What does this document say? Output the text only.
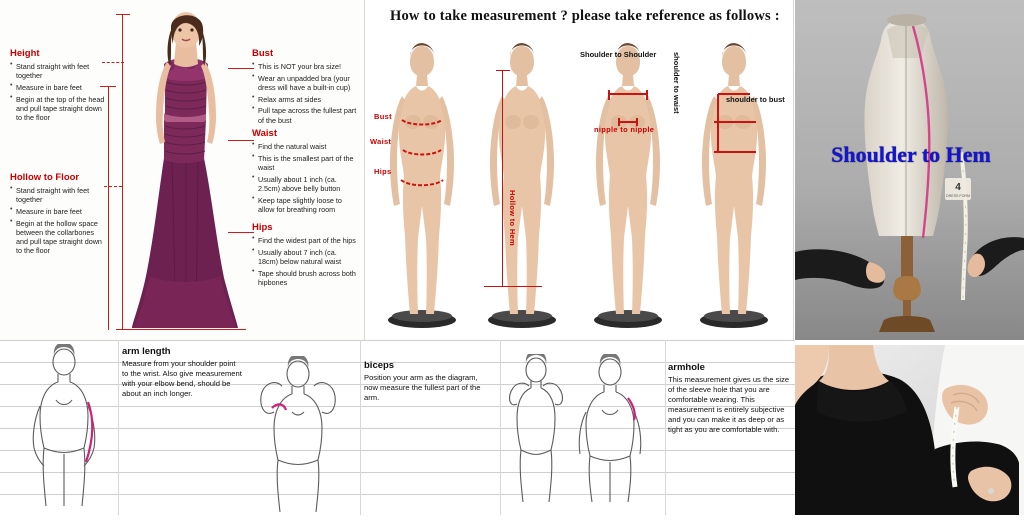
Height
• Stand straight with feet together
• Measure in bare feet
• Begin at the top of the head and pull tape straight down to the floor
Hollow to Floor
• Stand straight with feet together
• Measure in bare feet
• Begin at the hollow space between the collarbones and pull tape straight down to the floor
Bust
• This is NOT your bra size!
• Wear an unpadded bra (your dress will have a built-in cup)
• Relax arms at sides
• Pull tape across the fullest part of the bust
Waist
• Find the natural waist
• This is the smallest part of the waist
• Usually about 1 inch (ca. 2.5cm) above belly button
• Keep tape slightly loose to allow for breathing room
Hips
• Find the widest part of the hips
• Usually about 7 inch (ca. 18cm) below natural waist
• Tape should brush across both hipbones
How to take measurement ? please take reference as follows :
Bust
Waist
Hips
Hollow to Hem
Shoulder to Shoulder
nipple to nipple
shoulder to waist	shoulder to bust
4
DRESS FORM
Shoulder to Hem
arm length
Measure from your shoulder point to the wrist. Also give measurement with your elbow bend, should be about an inch longer.
biceps
Position your arm as the diagram, now measure the fullest part of the arm.
armhole
This measurement gives us the size of the sleeve hole that you are comfortable wearing. This measurement is entirely subjective and you can make it as deep or as tight as you are comfortable with.
